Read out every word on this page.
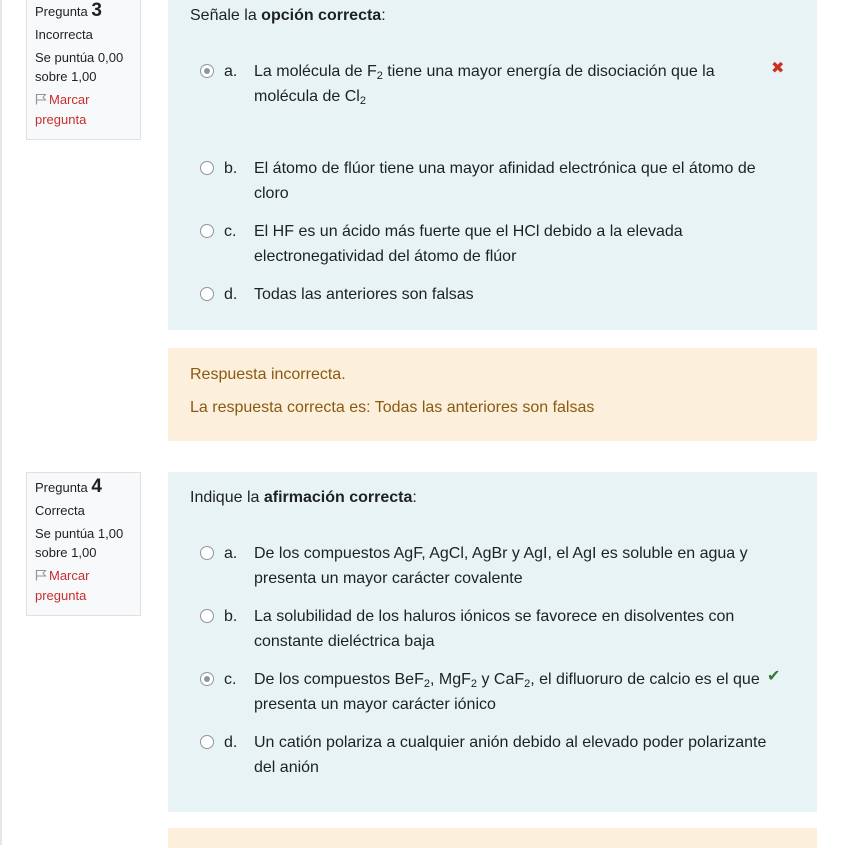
Pregunta 3
Incorrecta
Se puntúa 0,00 sobre 1,00
Marcar pregunta
Señale la opción correcta:
a. La molécula de $F_2$ tiene una mayor energía de disociación que la molécula de $Cl_2$
✖
b. El átomo de flúor tiene una mayor afinidad electrónica que el átomo de cloro
c. El HF es un ácido más fuerte que el HCl debido a la elevada electronegatividad del átomo de flúor
d. Todas las anteriores son falsas
Respuesta incorrecta.
La respuesta correcta es: Todas las anteriores son falsas
Pregunta 4
Correcta
Se puntúa 1,00 sobre 1,00
Marcar pregunta
Indique la afirmación correcta:
a. De los compuestos AgF, AgCl, AgBr y AgI, el AgI es soluble en agua y presenta un mayor carácter covalente
b. La solubilidad de los haluros iónicos se favorece en disolventes con constante dieléctrica baja
c. De los compuestos BeF$_2$, MgF$_2$ y CaF$_2$, el difluoruro de calcio es el que presenta un mayor carácter iónico
✔
d. Un catión polariza a cualquier anión debido al elevado poder polarizante del anión
